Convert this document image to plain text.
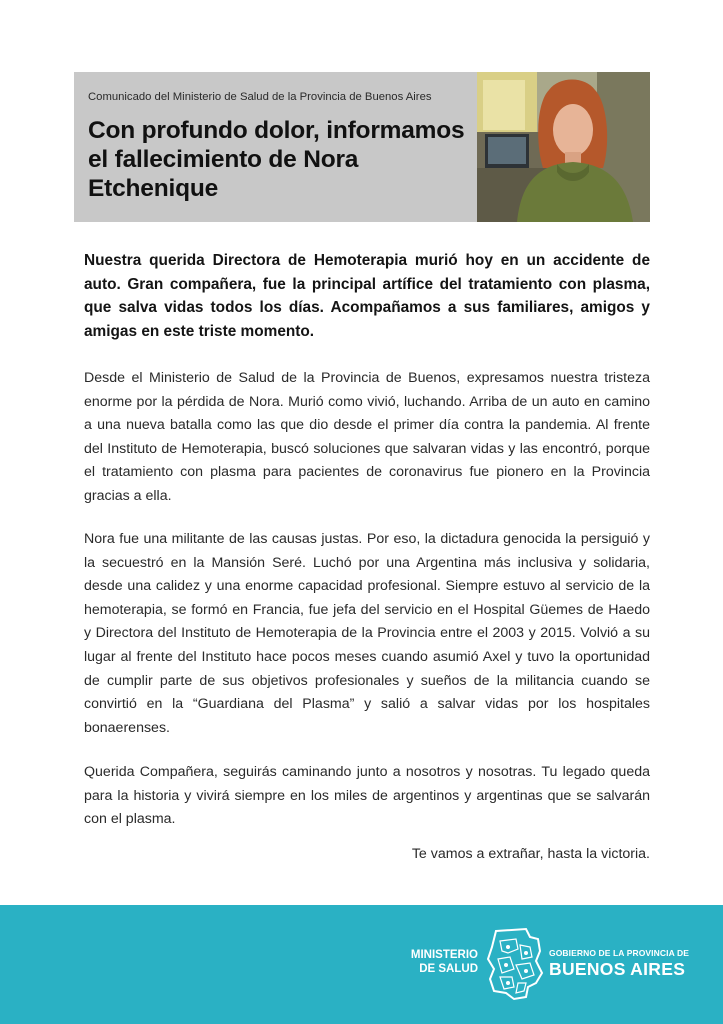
Comunicado del Ministerio de Salud de la Provincia de Buenos Aires
Con profundo dolor, informamos el fallecimiento de Nora Etchenique
Nuestra querida Directora de Hemoterapia murió hoy en un accidente de auto. Gran compañera, fue la principal artífice del tratamiento con plasma, que salva vidas todos los días. Acompañamos a sus familiares, amigos y amigas en este triste momento.
Desde el Ministerio de Salud de la Provincia de Buenos, expresamos nuestra tristeza enorme por la pérdida de Nora. Murió como vivió, luchando. Arriba de un auto en camino a una nueva batalla como las que dio desde el primer día contra la pandemia. Al frente del Instituto de Hemoterapia, buscó soluciones que salvaran vidas y las encontró, porque el tratamiento con plasma para pacientes de coronavirus fue pionero en la Provincia gracias a ella.
Nora fue una militante de las causas justas. Por eso, la dictadura genocida la persiguió y la secuestró en la Mansión Seré. Luchó por una Argentina más inclusiva y solidaria, desde una calidez y una enorme capacidad profesional. Siempre estuvo al servicio de la hemoterapia, se formó en Francia, fue jefa del servicio en el Hospital Güemes de Haedo y Directora del Instituto de Hemoterapia de la Provincia entre el 2003 y 2015. Volvió a su lugar al frente del Instituto hace pocos meses cuando asumió Axel y tuvo la oportunidad de cumplir parte de sus objetivos profesionales y sueños de la militancia cuando se convirtió en la “Guardiana del Plasma” y salió a salvar vidas por los hospitales bonaerenses.
Querida Compañera, seguirás caminando junto a nosotros y nosotras. Tu legado queda para la historia y vivirá siempre en los miles de argentinos y argentinas que se salvarán con el plasma.
Te vamos a extrañar, hasta la victoria.
MINISTERIO
DE SALUD
GOBIERNO DE LA PROVINCIA DE
BUENOS AIRES
